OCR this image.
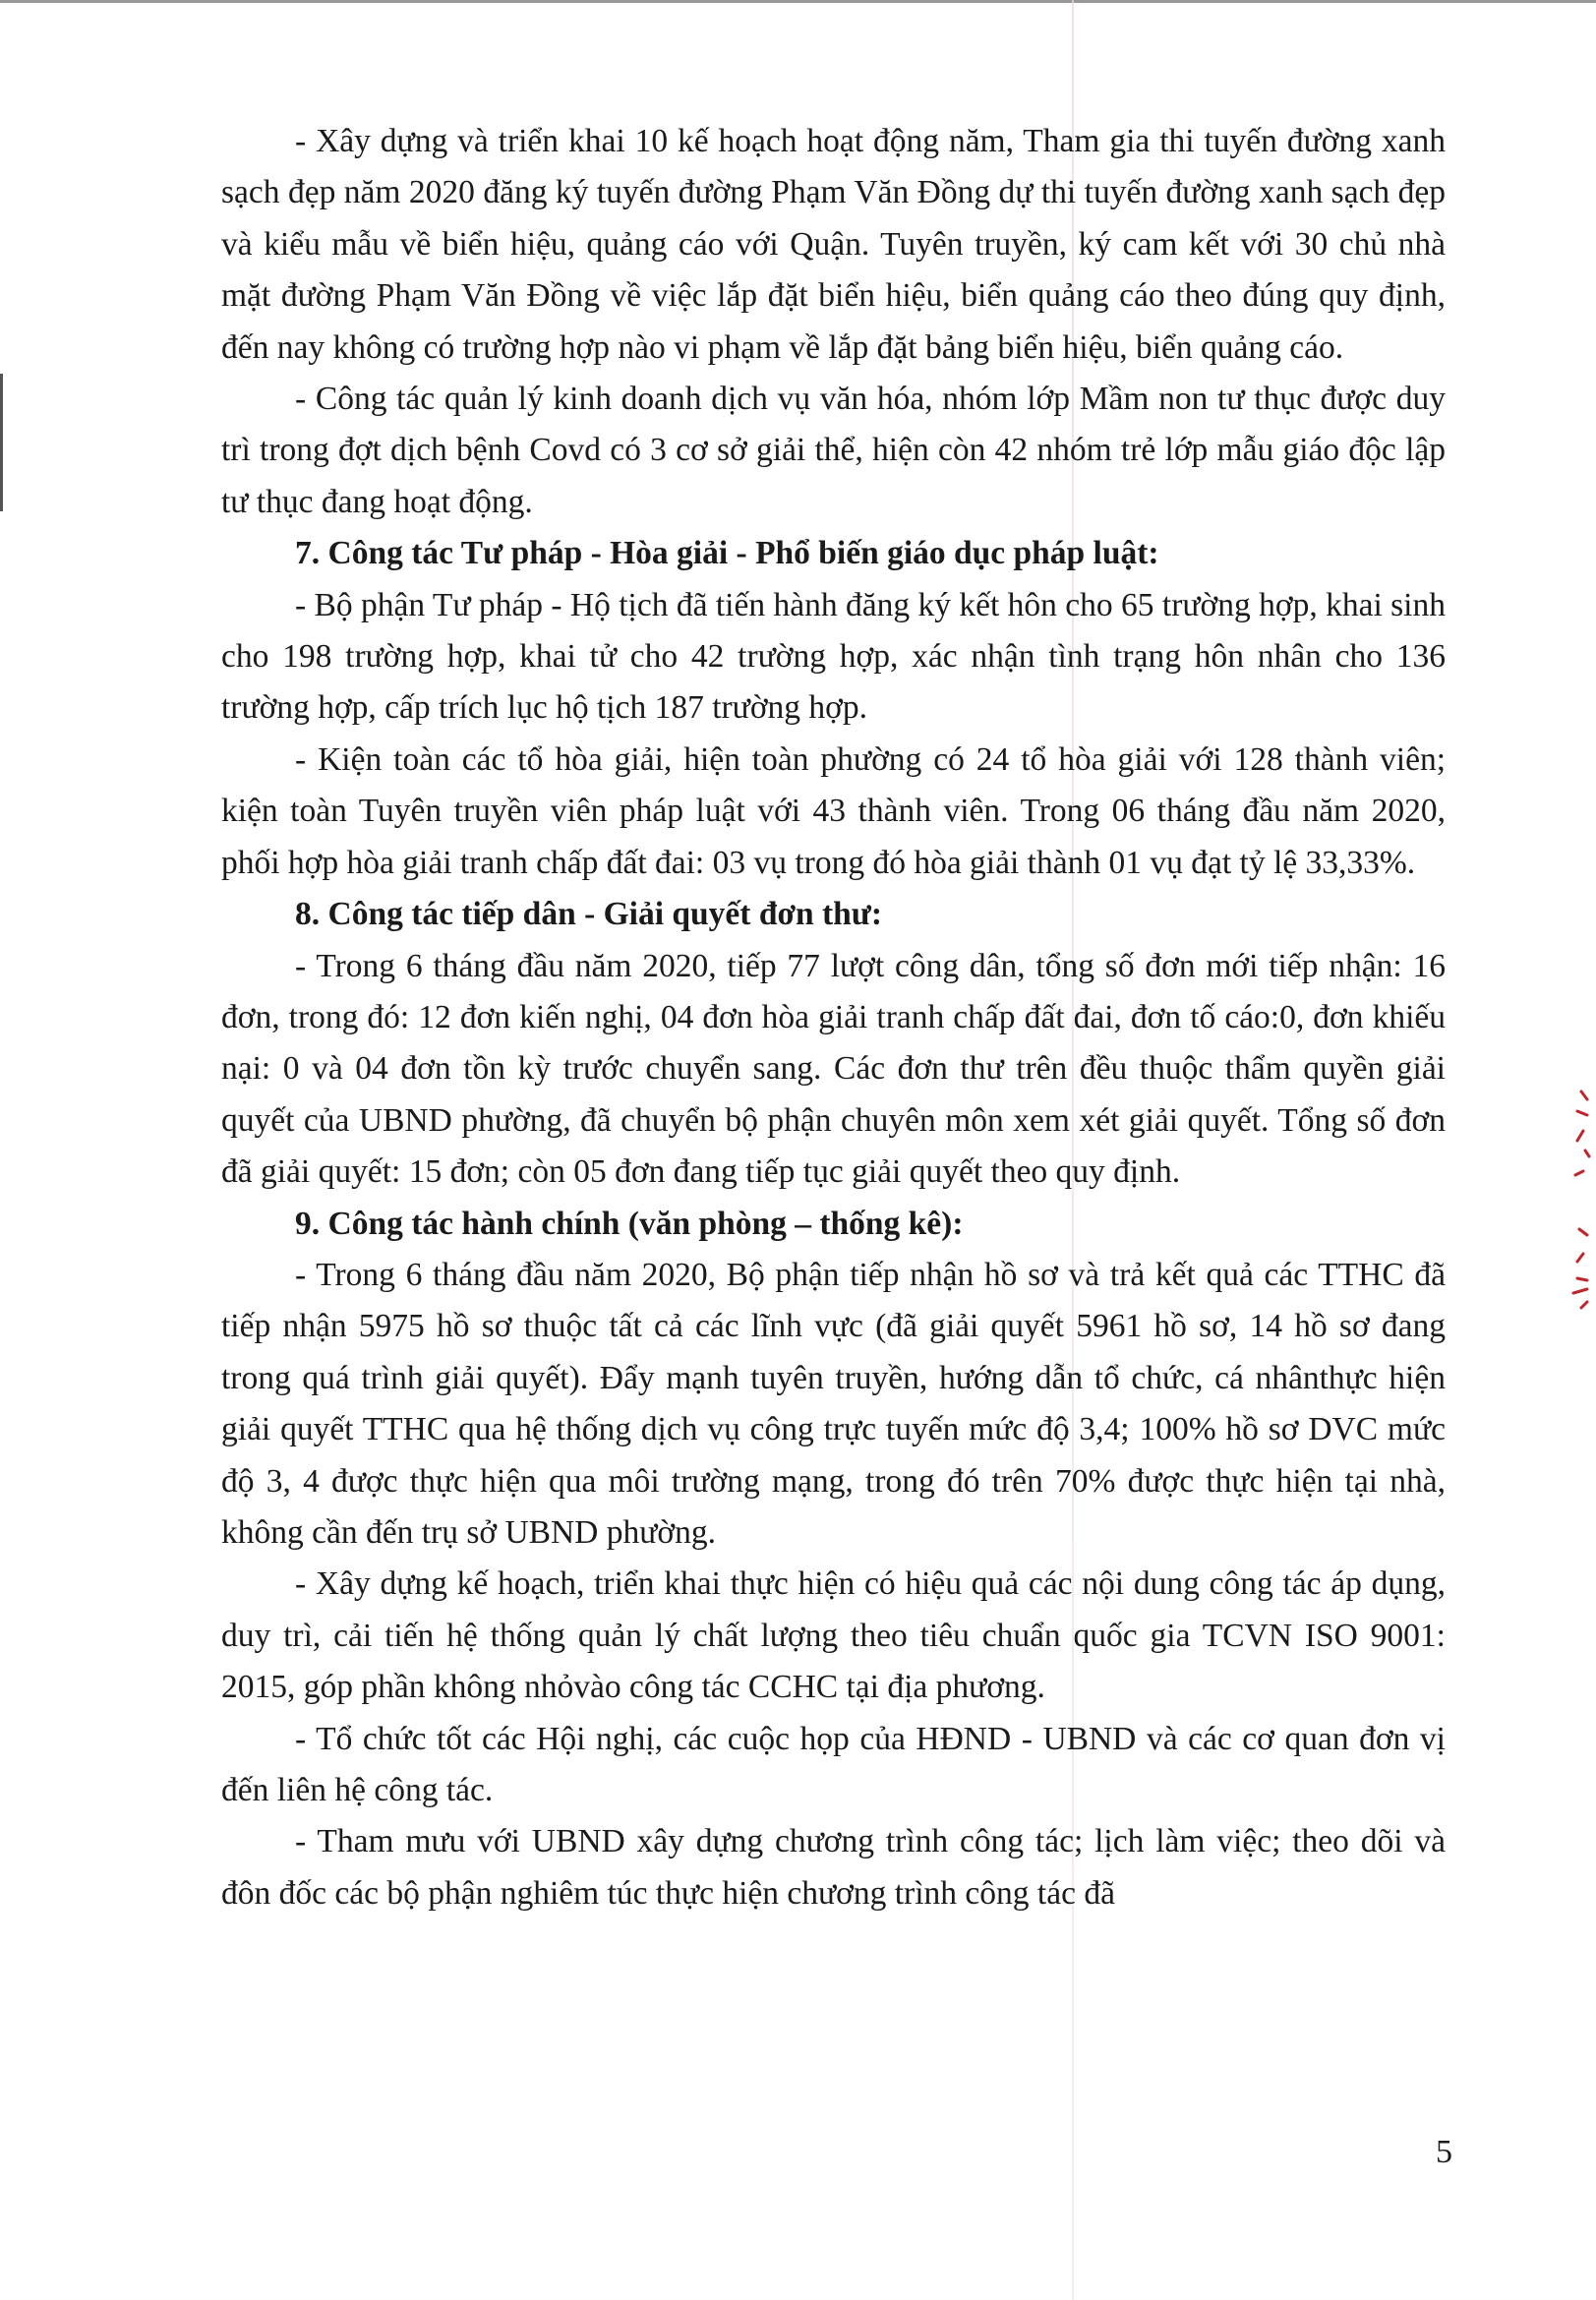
- Xây dựng và triển khai 10 kế hoạch hoạt động năm, Tham gia thi tuyến đường xanh sạch đẹp năm 2020 đăng ký tuyến đường Phạm Văn Đồng dự thi tuyến đường xanh sạch đẹp và kiểu mẫu về biển hiệu, quảng cáo với Quận. Tuyên truyền, ký cam kết với 30 chủ nhà mặt đường Phạm Văn Đồng về việc lắp đặt biển hiệu, biển quảng cáo theo đúng quy định, đến nay không có trường hợp nào vi phạm về lắp đặt bảng biển hiệu, biển quảng cáo.

- Công tác quản lý kinh doanh dịch vụ văn hóa, nhóm lớp Mầm non tư thục được duy trì trong đợt dịch bệnh Covd có 3 cơ sở giải thể, hiện còn 42 nhóm trẻ lớp mẫu giáo độc lập tư thục đang hoạt động.

7. Công tác Tư pháp - Hòa giải - Phổ biến giáo dục pháp luật:

- Bộ phận Tư pháp - Hộ tịch đã tiến hành đăng ký kết hôn cho 65 trường hợp, khai sinh cho 198 trường hợp, khai tử cho 42 trường hợp, xác nhận tình trạng hôn nhân cho 136 trường hợp, cấp trích lục hộ tịch 187 trường hợp.

- Kiện toàn các tổ hòa giải, hiện toàn phường có 24 tổ hòa giải với 128 thành viên; kiện toàn Tuyên truyền viên pháp luật với 43 thành viên. Trong 06 tháng đầu năm 2020, phối hợp hòa giải tranh chấp đất đai: 03 vụ trong đó hòa giải thành 01 vụ đạt tỷ lệ 33,33%.

8. Công tác tiếp dân - Giải quyết đơn thư:

- Trong 6 tháng đầu năm 2020, tiếp 77 lượt công dân, tổng số đơn mới tiếp nhận: 16 đơn, trong đó: 12 đơn kiến nghị, 04 đơn hòa giải tranh chấp đất đai, đơn tố cáo:0, đơn khiếu nại: 0 và 04 đơn tồn kỳ trước chuyển sang. Các đơn thư trên đều thuộc thẩm quyền giải quyết của UBND phường, đã chuyển bộ phận chuyên môn xem xét giải quyết. Tổng số đơn đã giải quyết: 15 đơn; còn 05 đơn đang tiếp tục giải quyết theo quy định.

9. Công tác hành chính (văn phòng – thống kê):

- Trong 6 tháng đầu năm 2020, Bộ phận tiếp nhận hồ sơ và trả kết quả các TTHC đã tiếp nhận 5975 hồ sơ thuộc tất cả các lĩnh vực (đã giải quyết 5961 hồ sơ, 14 hồ sơ đang trong quá trình giải quyết). Đẩy mạnh tuyên truyền, hướng dẫn tổ chức, cá nhânthực hiện giải quyết TTHC qua hệ thống dịch vụ công trực tuyến mức độ 3,4; 100% hồ sơ DVC mức độ 3, 4 được thực hiện qua môi trường mạng, trong đó trên 70% được thực hiện tại nhà, không cần đến trụ sở UBND phường.

- Xây dựng kế hoạch, triển khai thực hiện có hiệu quả các nội dung công tác áp dụng, duy trì, cải tiến hệ thống quản lý chất lượng theo tiêu chuẩn quốc gia TCVN ISO 9001: 2015, góp phần không nhỏvào công tác CCHC tại địa phương.

- Tổ chức tốt các Hội nghị, các cuộc họp của HĐND - UBND và các cơ quan đơn vị đến liên hệ công tác.

- Tham mưu với UBND xây dựng chương trình công tác; lịch làm việc; theo dõi và đôn đốc các bộ phận nghiêm túc thực hiện chương trình công tác đã

5
